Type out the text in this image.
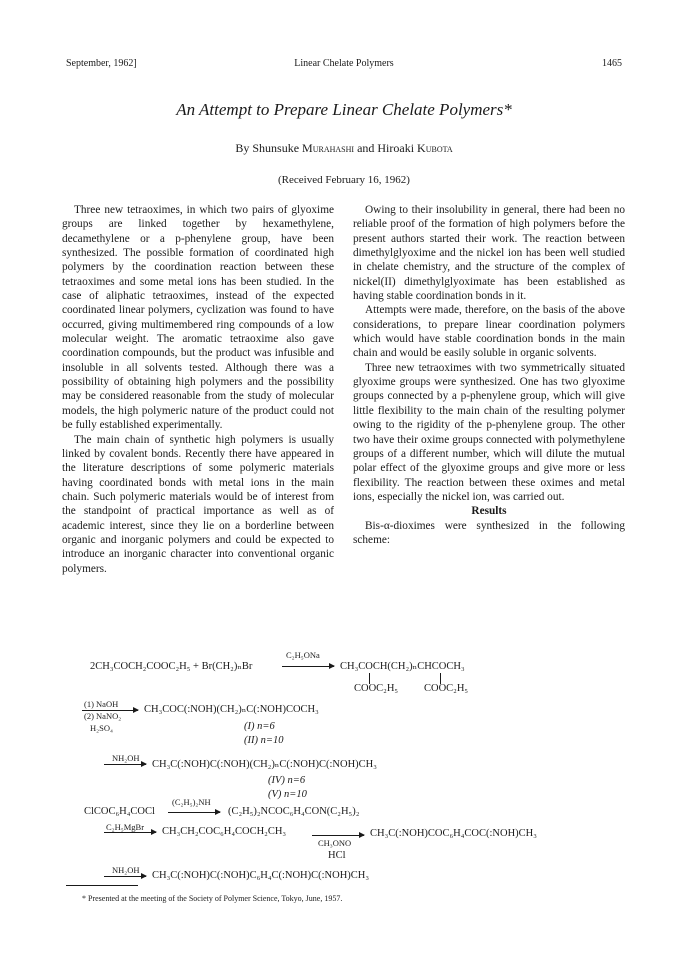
September, 1962]	Linear Chelate Polymers	1465
An Attempt to Prepare Linear Chelate Polymers*
By Shunsuke Murahashi and Hiroaki Kubota
(Received February 16, 1962)

Three new tetraoximes, in which two pairs of glyoxime groups are linked together by hexamethylene, decamethylene or a p-phenylene group, have been synthesized. The possible formation of coordinated high polymers by the coordination reaction between these tetraoximes and some metal ions has been studied. In the case of aliphatic tetraoximes, instead of the expected coordinated linear polymers, cyclization was found to have occurred, giving multimembered ring compounds of a low molecular weight. The aromatic tetraoxime also gave coordination compounds, but the product was infusible and insoluble in all solvents tested. Although there was a possibility of obtaining high polymers and the possibility may be considered reasonable from the study of molecular models, the high polymeric nature of the product could not be fully established experimentally.

The main chain of synthetic high polymers is usually linked by covalent bonds. Recently there have appeared in the literature descriptions of some polymeric materials having coordinated bonds with metal ions in the main chain. Such polymeric materials would be of interest from the standpoint of practical importance as well as of academic interest, since they lie on a borderline between organic and inorganic polymers and could be expected to introduce an inorganic character into conventional organic polymers.

Owing to their insolubility in general, there had been no reliable proof of the formation of high polymers before the present authors started their work. The reaction between dimethylglyoxime and the nickel ion has been well studied in chelate chemistry, and the structure of the complex of nickel(II) dimethylglyoximate has been established as having stable coordination bonds in it.

Attempts were made, therefore, on the basis of the above considerations, to prepare linear coordination polymers which would have stable coordination bonds in the main chain and would be easily soluble in organic solvents.

Three new tetraoximes with two symmetrically situated glyoxime groups were synthesized. One has two glyoxime groups connected by a p-phenylene group, which will give little flexibility to the main chain of the resulting polymer owing to the rigidity of the p-phenylene group. The other two have their oxime groups connected with polymethylene groups of a different number, which will dilute the mutual polar effect of the glyoxime groups and give more or less flexibility. The reaction between these oximes and metal ions, especially the nickel ion, was carried out.

Results

Bis-α-dioximes were synthesized in the following scheme:

2CH₃COCH₂COOC₂H₅ + Br(CH₂)ₙBr
C₂H₅ONa
CH₃COCH(CH₂)ₙCHCOCH₃
COOC₂H₅ COOC₂H₅
(1) NaOH
(2) NaNO₂
H₂SO₄
CH₃COC(:NOH)(CH₂)ₙC(:NOH)COCH₃
(I) n=6
(II) n=10
NH₂OH
CH₃C(:NOH)C(:NOH)(CH₂)ₙC(:NOH)C(:NOH)CH₃
(IV) n=6
(V) n=10
ClCOC₆H₄COCl
(C₂H₅)₂NH
(C₂H₅)₂NCOC₆H₄CON(C₂H₅)₂
C₂H₅MgBr CH₃CH₂COC₆H₄COCH₂CH₃
CH₃ONO
HCl
CH₃C(:NOH)COC₆H₄COC(:NOH)CH₃
NH₂OH CH₃C(:NOH)C(:NOH)C₆H₄C(:NOH)C(:NOH)CH₃
* Presented at the meeting of the Society of Polymer Science, Tokyo, June, 1957.
